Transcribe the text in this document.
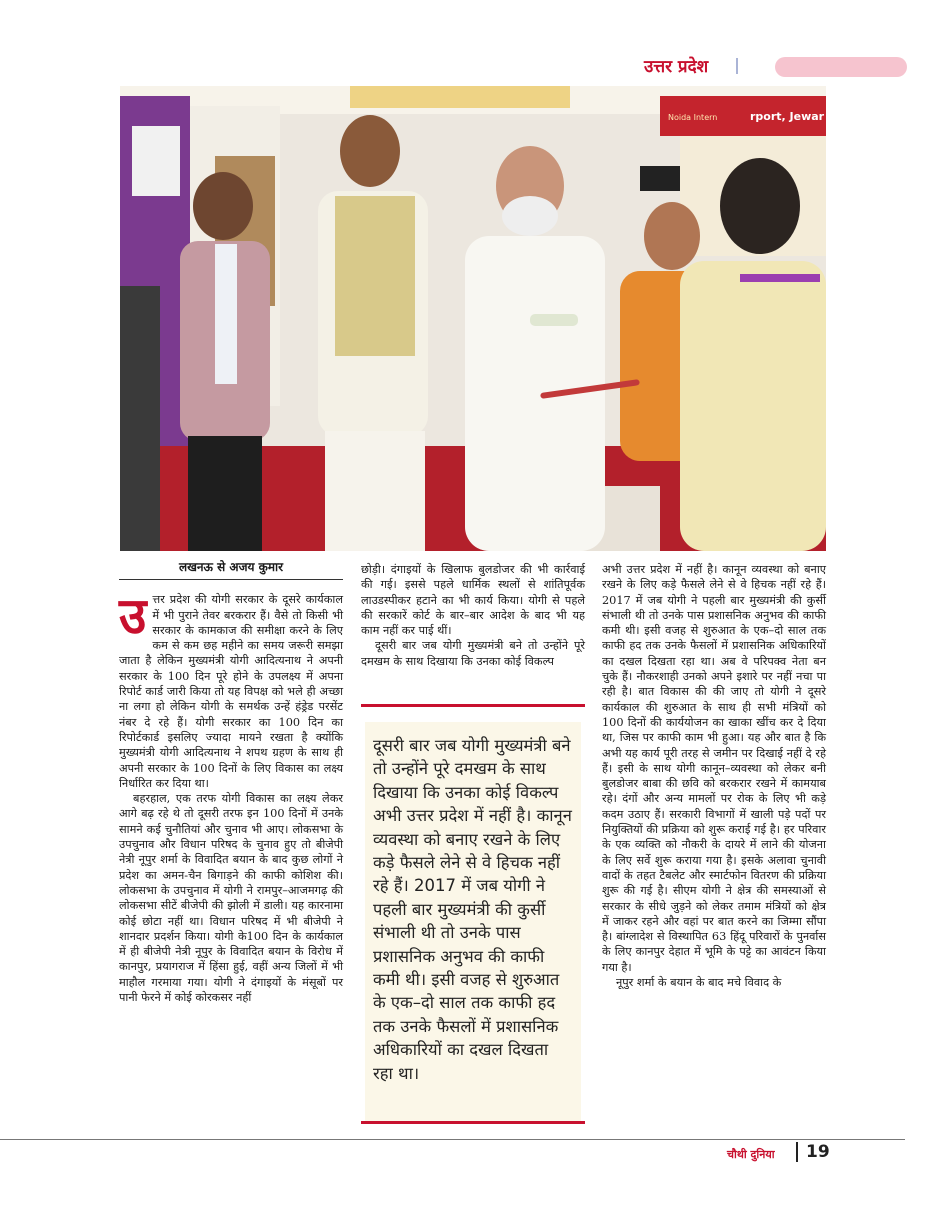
उत्तर प्रदेश
rport, Jewar
Noida Intern
लखनऊ से अजय कुमार

उत्तर प्रदेश की योगी सरकार के दूसरे कार्यकाल में भी पुराने तेवर बरकरार हैं। वैसे तो किसी भी सरकार के कामकाज की समीक्षा करने के लिए कम से कम छह महीने का समय जरूरी समझा जाता है लेकिन मुख्यमंत्री योगी आदित्यनाथ ने अपनी सरकार के 100 दिन पूरे होने के उपलक्ष्य में अपना रिपोर्ट कार्ड जारी किया तो यह विपक्ष को भले ही अच्छा ना लगा हो लेकिन योगी के समर्थक उन्हें हंड्रेड परसेंट नंबर दे रहे हैं। योगी सरकार का 100 दिन का रिपोर्टकार्ड इसलिए ज्यादा मायने रखता है क्योंकि मुख्यमंत्री योगी आदित्यनाथ ने शपथ ग्रहण के साथ ही अपनी सरकार के 100 दिनों के लिए विकास का लक्ष्य निर्धारित कर दिया था।

बहरहाल, एक तरफ योगी विकास का लक्ष्य लेकर आगे बढ़ रहे थे तो दूसरी तरफ इन 100 दिनों में उनके सामने कई चुनौतियां और चुनाव भी आए। लोकसभा के उपचुनाव और विधान परिषद के चुनाव हुए तो बीजेपी नेत्री नूपुर शर्मा के विवादित बयान के बाद कुछ लोगों ने प्रदेश का अमन-चैन बिगाड़ने की काफी कोशिश की। लोकसभा के उपचुनाव में योगी ने रामपुर–आजमगढ़ की लोकसभा सीटें बीजेपी की झोली में डाली। यह कारनामा कोई छोटा नहीं था। विधान परिषद में भी बीजेपी ने शानदार प्रदर्शन किया। योगी के100 दिन के कार्यकाल में ही बीजेपी नेत्री नूपुर के विवादित बयान के विरोध में कानपुर, प्रयागराज में हिंसा हुई, वहीं अन्य जिलों में भी माहौल गरमाया गया। योगी ने दंगाइयों के मंसूबों पर पानी फेरने में कोई कोरकसर नहीं

छोड़ी। दंगाइयों के खिलाफ बुलडोजर की भी कार्रवाई की गई। इससे पहले धार्मिक स्थलों से शांतिपूर्वक लाउडस्पीकर हटाने का भी कार्य किया। योगी से पहले की सरकारें कोर्ट के बार–बार आदेश के बाद भी यह काम नहीं कर पाई थीं।

दूसरी बार जब योगी मुख्यमंत्री बने तो उन्होंने पूरे दमखम के साथ दिखाया कि उनका कोई विकल्प

दूसरी बार जब योगी मुख्यमंत्री बने तो उन्होंने पूरे दमखम के साथ दिखाया कि उनका कोई विकल्प अभी उत्तर प्रदेश में नहीं है। कानून व्यवस्था को बनाए रखने के लिए कड़े फैसले लेने से वे हिचक नहीं रहे हैं। 2017 में जब योगी ने पहली बार मुख्यमंत्री की कुर्सी संभाली थी तो उनके पास प्रशासनिक अनुभव की काफी कमी थी। इसी वजह से शुरुआत के एक–दो साल तक काफी हद तक उनके फैसलों में प्रशासनिक अधिकारियों का दखल दिखता रहा था।

अभी उत्तर प्रदेश में नहीं है। कानून व्यवस्था को बनाए रखने के लिए कड़े फैसले लेने से वे हिचक नहीं रहे हैं। 2017 में जब योगी ने पहली बार मुख्यमंत्री की कुर्सी संभाली थी तो उनके पास प्रशासनिक अनुभव की काफी कमी थी। इसी वजह से शुरुआत के एक–दो साल तक काफी हद तक उनके फैसलों में प्रशासनिक अधिकारियों का दखल दिखता रहा था। अब वे परिपक्व नेता बन चुके हैं। नौकरशाही उनको अपने इशारे पर नहीं नचा पा रही है। बात विकास की की जाए तो योगी ने दूसरे कार्यकाल की शुरुआत के साथ ही सभी मंत्रियों को 100 दिनों की कार्ययोजन का खाका खींच कर दे दिया था, जिस पर काफी काम भी हुआ। यह और बात है कि अभी यह कार्य पूरी तरह से जमीन पर दिखाई नहीं दे रहे हैं। इसी के साथ योगी कानून–व्यवस्था को लेकर बनी बुलडोजर बाबा की छवि को बरकरार रखने में कामयाब रहे। दंगों और अन्य मामलों पर रोक के लिए भी कड़े कदम उठाए हैं। सरकारी विभागों में खाली पड़े पदों पर नियुक्तियों की प्रक्रिया को शुरू कराई गई है। हर परिवार के एक व्यक्ति को नौकरी के दायरे में लाने की योजना के लिए सर्वे शुरू कराया गया है। इसके अलावा चुनावी वादों के तहत टैबलेट और स्मार्टफोन वितरण की प्रक्रिया शुरू की गई है। सीएम योगी ने क्षेत्र की समस्याओं से सरकार के सीधे जुड़ने को लेकर तमाम मंत्रियों को क्षेत्र में जाकर रहने और वहां पर बात करने का जिम्मा सौंपा है। बांग्लादेश से विस्थापित 63 हिंदू परिवारों के पुनर्वास के लिए कानपुर देहात में भूमि के पट्टे का आवंटन किया गया है।

नूपुर शर्मा के बयान के बाद मचे विवाद के

चौथी दुनिया 19
